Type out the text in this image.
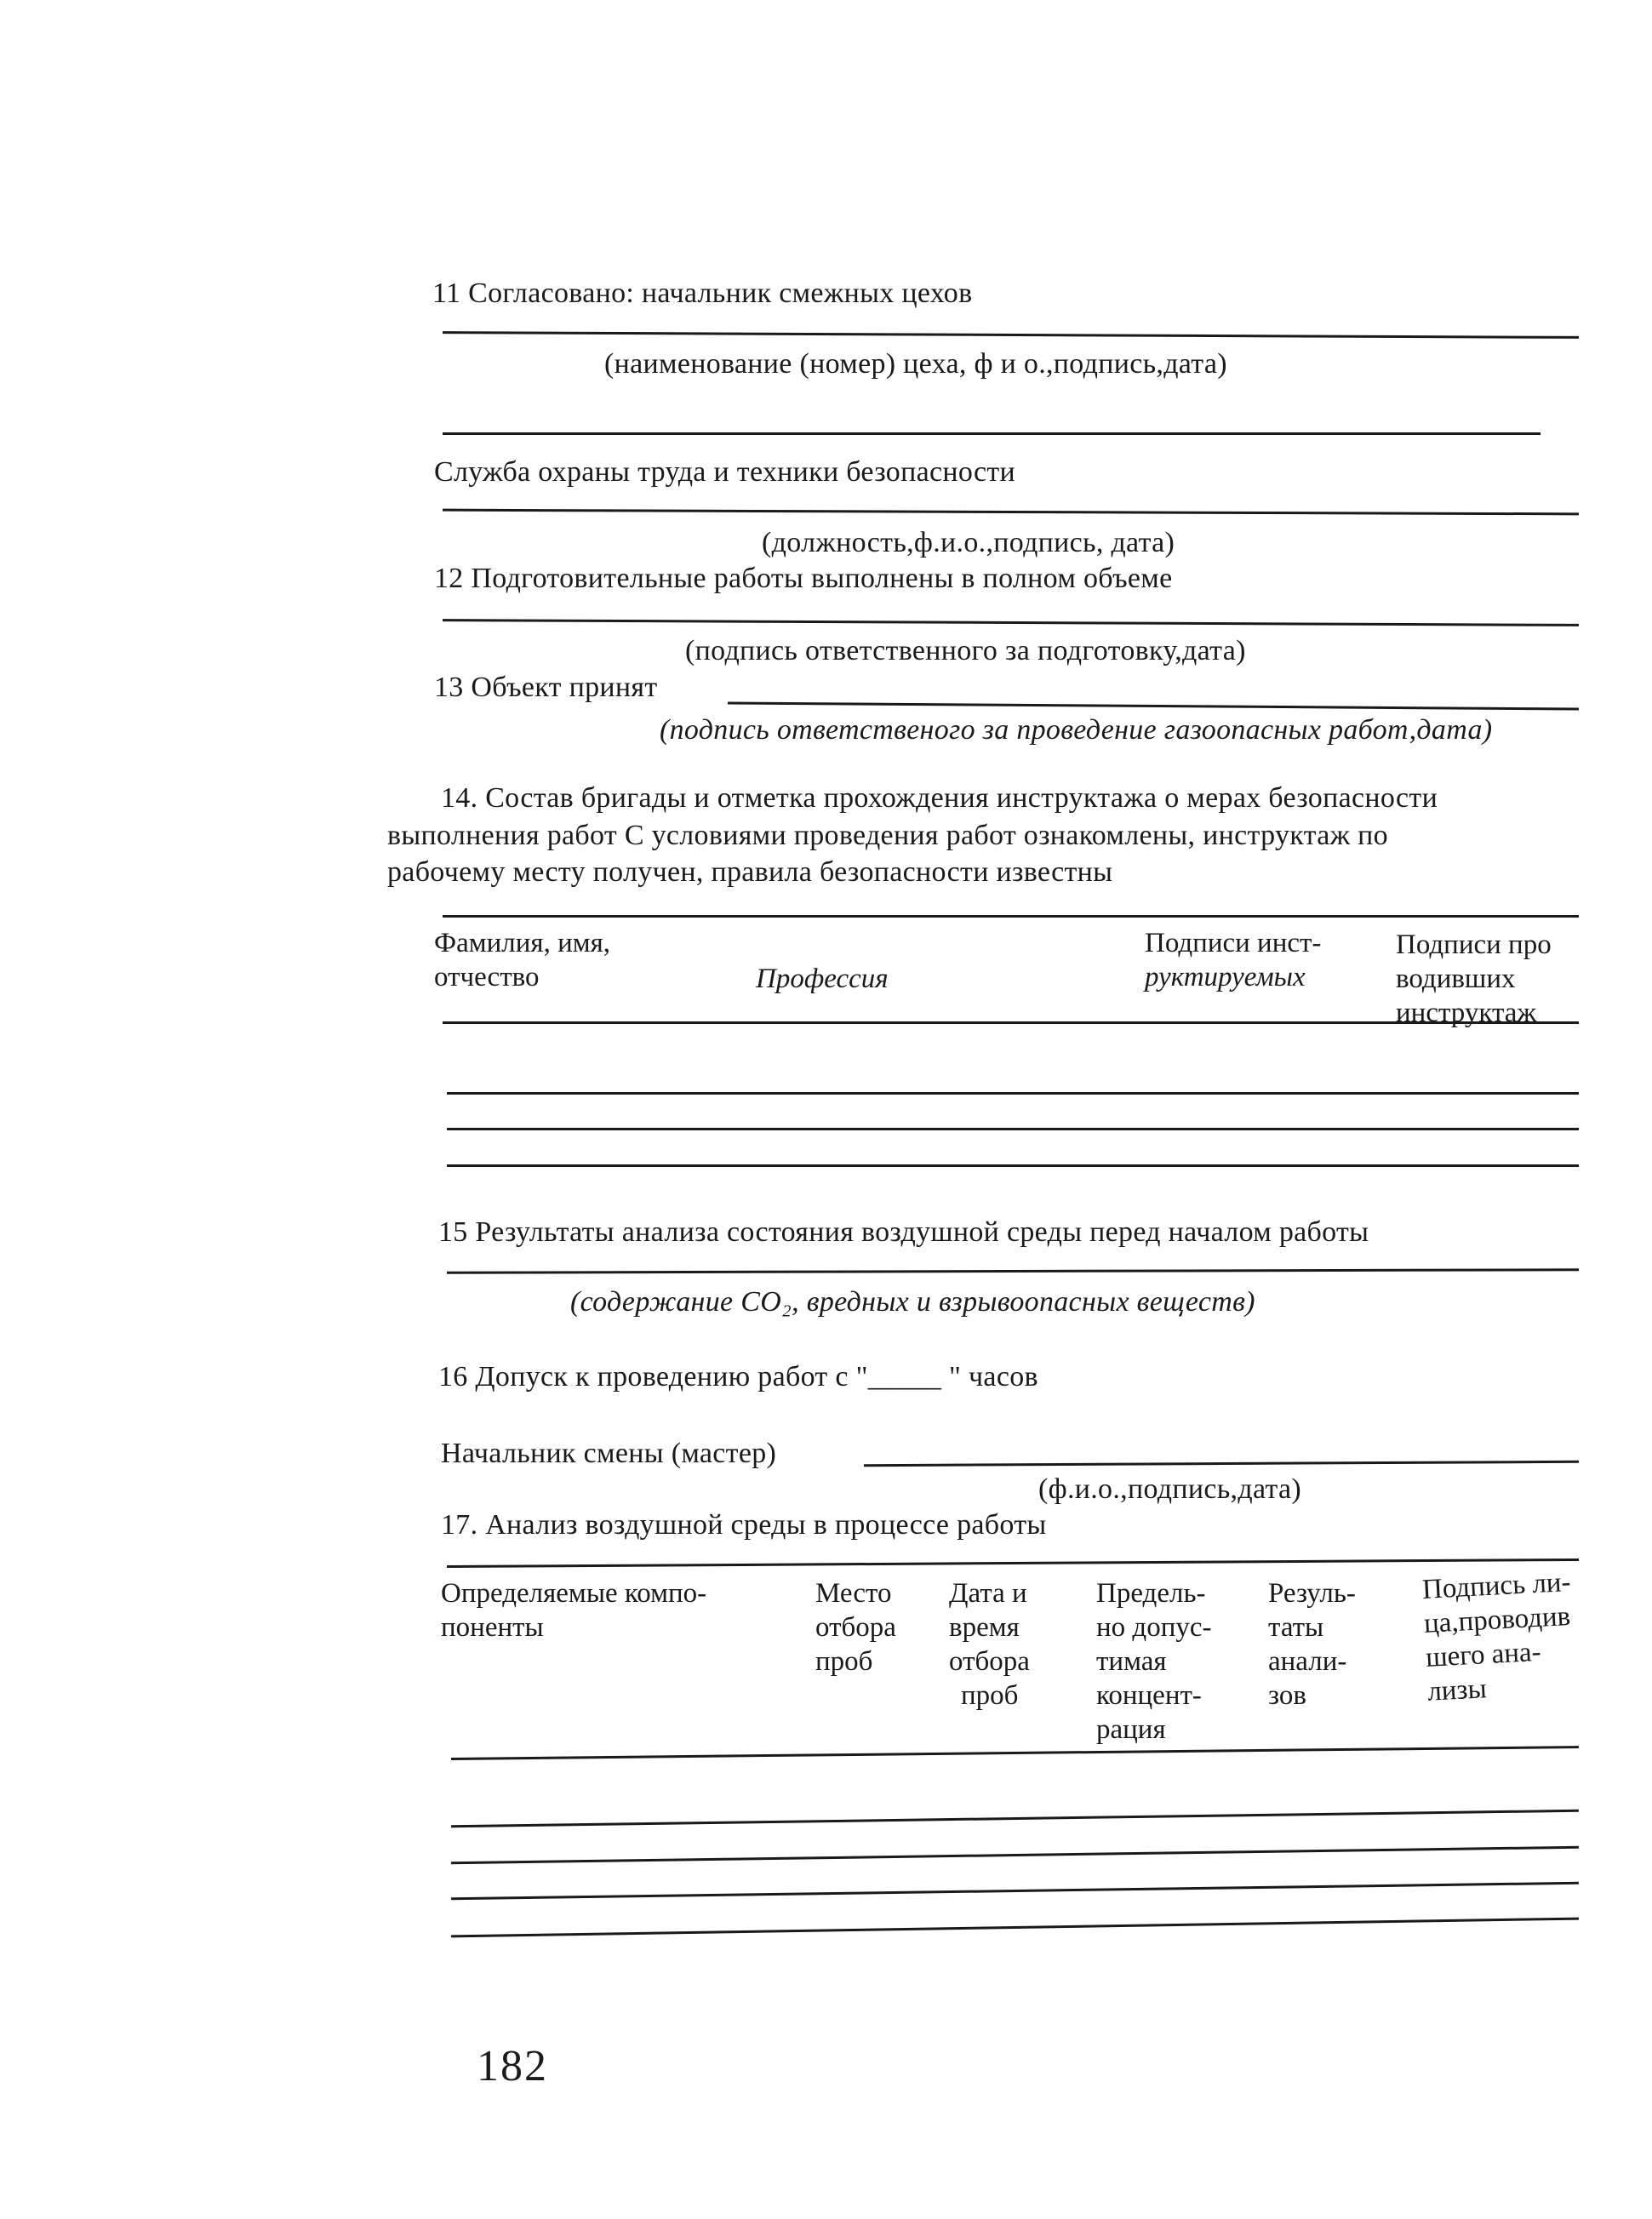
11 Согласовано: начальник смежных цехов
(наименование (номер) цеха, ф и о.,подпись,дата)
Служба охраны труда и техники безопасности
(должность,ф.и.о.,подпись, дата)
12 Подготовительные работы выполнены в полном объеме
(подпись ответственного за подготовку,дата)
13 Объект принят
(подпись ответственого за проведение газоопасных работ,дата)
14. Состав бригады и отметка прохождения инструктажа о мерах безопасности
выполнения работ С условиями проведения работ ознакомлены, инструктаж по
рабочему месту получен, правила безопасности известны
Фамилия, имя,
отчество	Профессия
Подписи инст-
руктируемых
Подписи про
водивших
инструктаж
15 Результаты анализа состояния воздушной среды перед началом работы
(содержание CO₂, вредных и взрывоопасных веществ)
16 Допуск к проведению работ с "_____ " часов
Начальник смены (мастер)
(ф.и.о.,подпись,дата)
17. Анализ воздушной среды в процессе работы
Определяемые компо-
поненты
Место
отбора
проб
Дата и
время
отбора
проб
Предель-
но допус-
тимая
концент-
рация
Резуль-
таты
анали-
зов
Подпись ли-
ца,проводив
шего ана-
лизы
182
